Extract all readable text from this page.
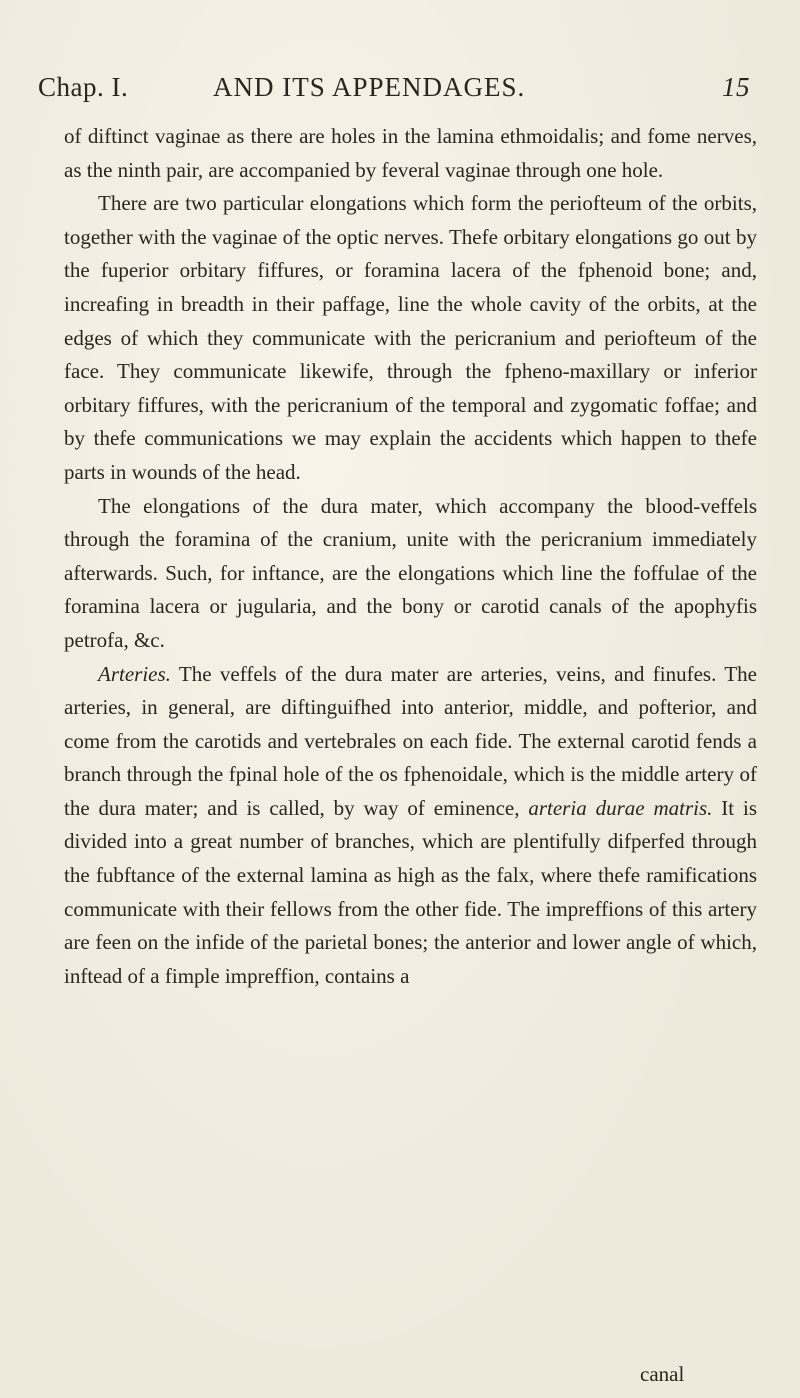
Chap. I.	AND ITS APPENDAGES.	15

of diftinct vaginae as there are holes in the lamina ethmoidalis; and fome nerves, as the ninth pair, are accompanied by feveral vaginae through one hole.

There are two particular elongations which form the periofteum of the orbits, together with the vaginae of the optic nerves. Thefe orbitary elongations go out by the fuperior orbitary fiffures, or foramina lacera of the fphenoid bone; and, increafing in breadth in their paffage, line the whole cavity of the orbits, at the edges of which they communicate with the pericranium and periofteum of the face. They communicate likewife, through the fpheno-maxillary or inferior orbitary fiffures, with the pericranium of the temporal and zygomatic foffae; and by thefe communications we may explain the accidents which happen to thefe parts in wounds of the head.

The elongations of the dura mater, which accompany the blood-veffels through the foramina of the cranium, unite with the pericranium immediately afterwards. Such, for inftance, are the elongations which line the foffulae of the foramina lacera or jugularia, and the bony or carotid canals of the apophyfis petrofa, &c.

Arteries. The veffels of the dura mater are arteries, veins, and finufes. The arteries, in general, are diftinguifhed into anterior, middle, and pofterior, and come from the carotids and vertebrales on each fide. The external carotid fends a branch through the fpinal hole of the os fphenoidale, which is the middle artery of the dura mater; and is called, by way of eminence, arteria durae matris. It is divided into a great number of branches, which are plentifully difperfed through the fubftance of the external lamina as high as the falx, where thefe ramifications communicate with their fellows from the other fide. The impreffions of this artery are feen on the infide of the parietal bones; the anterior and lower angle of which, inftead of a fimple impreffion, contains a

canal
